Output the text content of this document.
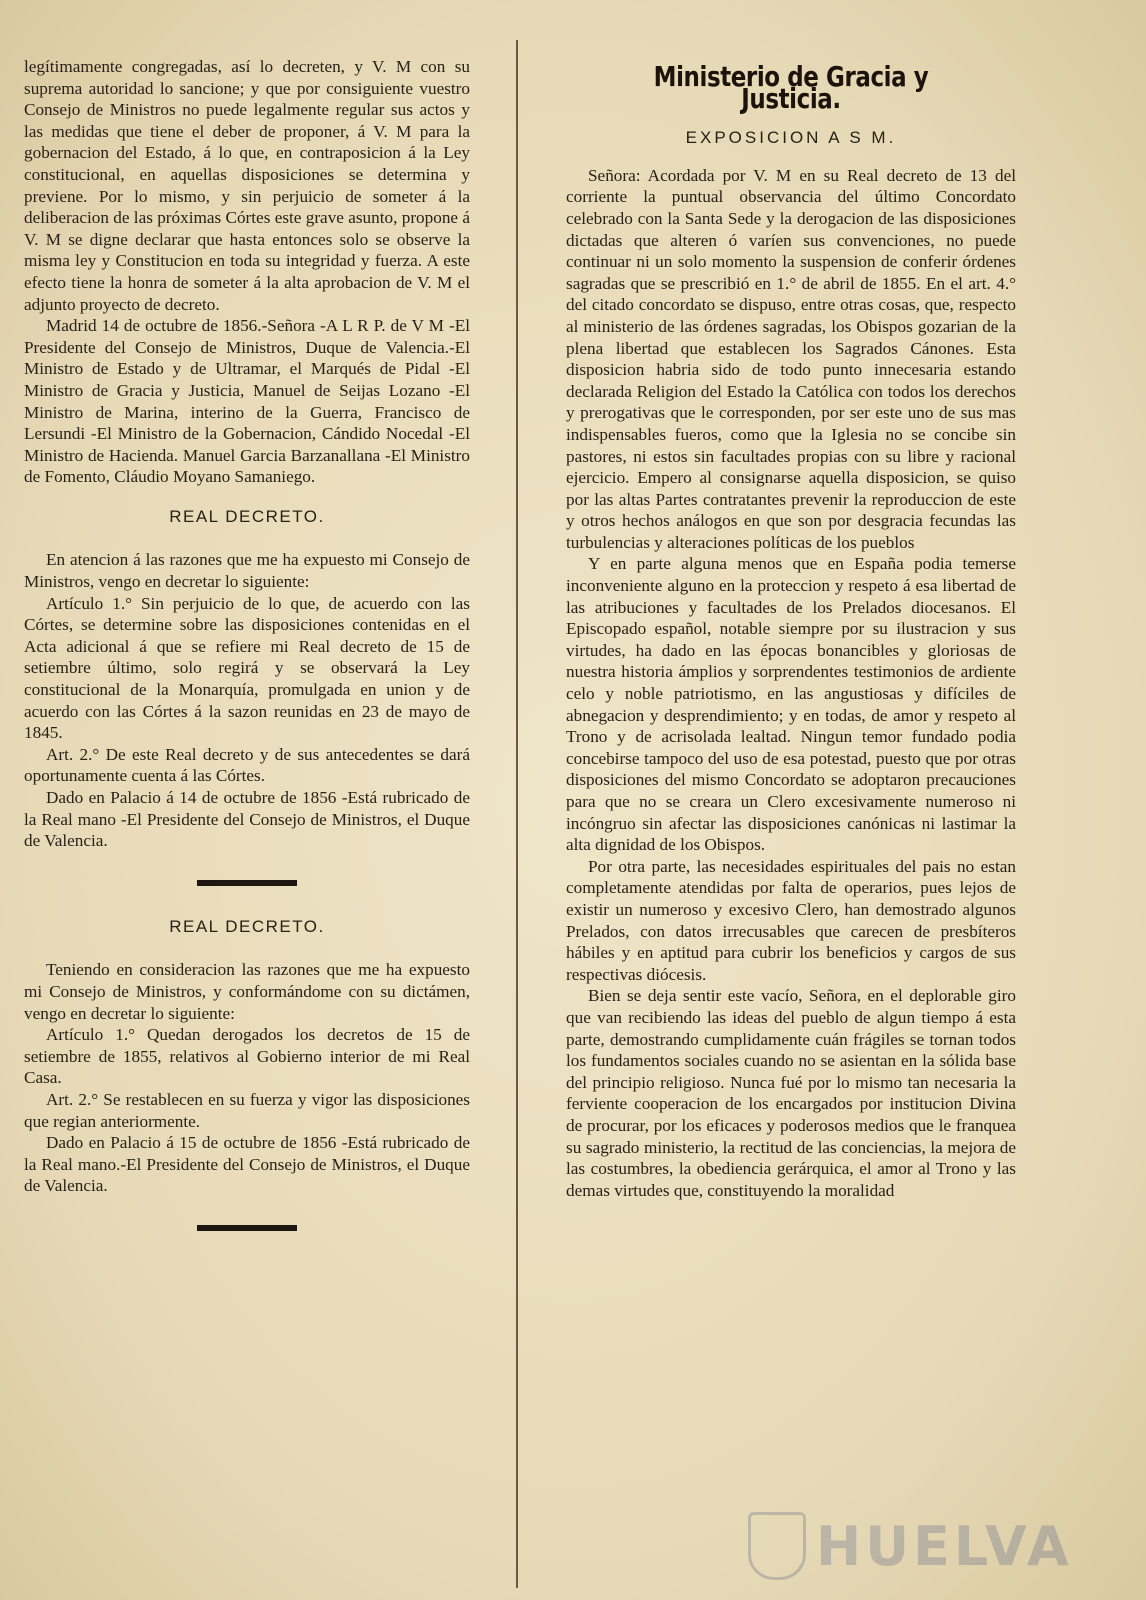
legítimamente congregadas, así lo decreten, y V. M con su suprema autoridad lo sancione; y que por consiguiente vuestro Consejo de Ministros no puede legalmente regular sus actos y las medidas que tiene el deber de proponer, á V. M para la gobernacion del Estado, á lo que, en contraposicion á la Ley constitucional, en aquellas disposiciones se determina y previene. Por lo mismo, y sin perjuicio de someter á la deliberacion de las próximas Córtes este grave asunto, propone á V. M se digne declarar que hasta entonces solo se observe la misma ley y Constitucion en toda su integridad y fuerza. A este efecto tiene la honra de someter á la alta aprobacion de V. M el adjunto proyecto de decreto.

Madrid 14 de octubre de 1856.-Señora -A L R P. de V M -El Presidente del Consejo de Ministros, Duque de Valencia.-El Ministro de Estado y de Ultramar, el Marqués de Pidal -El Ministro de Gracia y Justicia, Manuel de Seijas Lozano -El Ministro de Marina, interino de la Guerra, Francisco de Lersundi -El Ministro de la Gobernacion, Cándido Nocedal -El Ministro de Hacienda. Manuel Garcia Barzanallana -El Ministro de Fomento, Cláudio Moyano Samaniego.

REAL DECRETO.

En atencion á las razones que me ha expuesto mi Consejo de Ministros, vengo en decretar lo siguiente:

Artículo 1.° Sin perjuicio de lo que, de acuerdo con las Córtes, se determine sobre las disposiciones contenidas en el Acta adicional á que se refiere mi Real decreto de 15 de setiembre último, solo regirá y se observará la Ley constitucional de la Monarquía, promulgada en union y de acuerdo con las Córtes á la sazon reunidas en 23 de mayo de 1845.

Art. 2.° De este Real decreto y de sus antecedentes se dará oportunamente cuenta á las Córtes.

Dado en Palacio á 14 de octubre de 1856 -Está rubricado de la Real mano -El Presidente del Consejo de Ministros, el Duque de Valencia.

REAL DECRETO.

Teniendo en consideracion las razones que me ha expuesto mi Consejo de Ministros, y conformándome con su dictámen, vengo en decretar lo siguiente:

Artículo 1.° Quedan derogados los decretos de 15 de setiembre de 1855, relativos al Gobierno interior de mi Real Casa.

Art. 2.° Se restablecen en su fuerza y vigor las disposiciones que regian anteriormente.

Dado en Palacio á 15 de octubre de 1856 -Está rubricado de la Real mano.-El Presidente del Consejo de Ministros, el Duque de Valencia.

Ministerio de Gracia y Justicia.
EXPOSICION A S M.

Señora: Acordada por V. M en su Real decreto de 13 del corriente la puntual observancia del último Concordato celebrado con la Santa Sede y la derogacion de las disposiciones dictadas que alteren ó varíen sus convenciones, no puede continuar ni un solo momento la suspension de conferir órdenes sagradas que se prescribió en 1.° de abril de 1855. En el art. 4.° del citado concordato se dispuso, entre otras cosas, que, respecto al ministerio de las órdenes sagradas, los Obispos gozarian de la plena libertad que establecen los Sagrados Cánones. Esta disposicion habria sido de todo punto innecesaria estando declarada Religion del Estado la Católica con todos los derechos y prerogativas que le corresponden, por ser este uno de sus mas indispensables fueros, como que la Iglesia no se concibe sin pastores, ni estos sin facultades propias con su libre y racional ejercicio. Empero al consignarse aquella disposicion, se quiso por las altas Partes contratantes prevenir la reproduccion de este y otros hechos análogos en que son por desgracia fecundas las turbulencias y alteraciones políticas de los pueblos

Y en parte alguna menos que en España podia temerse inconveniente alguno en la proteccion y respeto á esa libertad de las atribuciones y facultades de los Prelados diocesanos. El Episcopado español, notable siempre por su ilustracion y sus virtudes, ha dado en las épocas bonancibles y gloriosas de nuestra historia ámplios y sorprendentes testimonios de ardiente celo y noble patriotismo, en las angustiosas y difíciles de abnegacion y desprendimiento; y en todas, de amor y respeto al Trono y de acrisolada lealtad. Ningun temor fundado podia concebirse tampoco del uso de esa potestad, puesto que por otras disposiciones del mismo Concordato se adoptaron precauciones para que no se creara un Clero excesivamente numeroso ni incóngruo sin afectar las disposiciones canónicas ni lastimar la alta dignidad de los Obispos.

Por otra parte, las necesidades espirituales del pais no estan completamente atendidas por falta de operarios, pues lejos de existir un numeroso y excesivo Clero, han demostrado algunos Prelados, con datos irrecusables que carecen de presbíteros hábiles y en aptitud para cubrir los beneficios y cargos de sus respectivas diócesis.

Bien se deja sentir este vacío, Señora, en el deplorable giro que van recibiendo las ideas del pueblo de algun tiempo á esta parte, demostrando cumplidamente cuán frágiles se tornan todos los fundamentos sociales cuando no se asientan en la sólida base del principio religioso. Nunca fué por lo mismo tan necesaria la ferviente cooperacion de los encargados por institucion Divina de procurar, por los eficaces y poderosos medios que le franquea su sagrado ministerio, la rectitud de las conciencias, la mejora de las costumbres, la obediencia gerárquica, el amor al Trono y las demas virtudes que, constituyendo la moralidad

HUELVA
